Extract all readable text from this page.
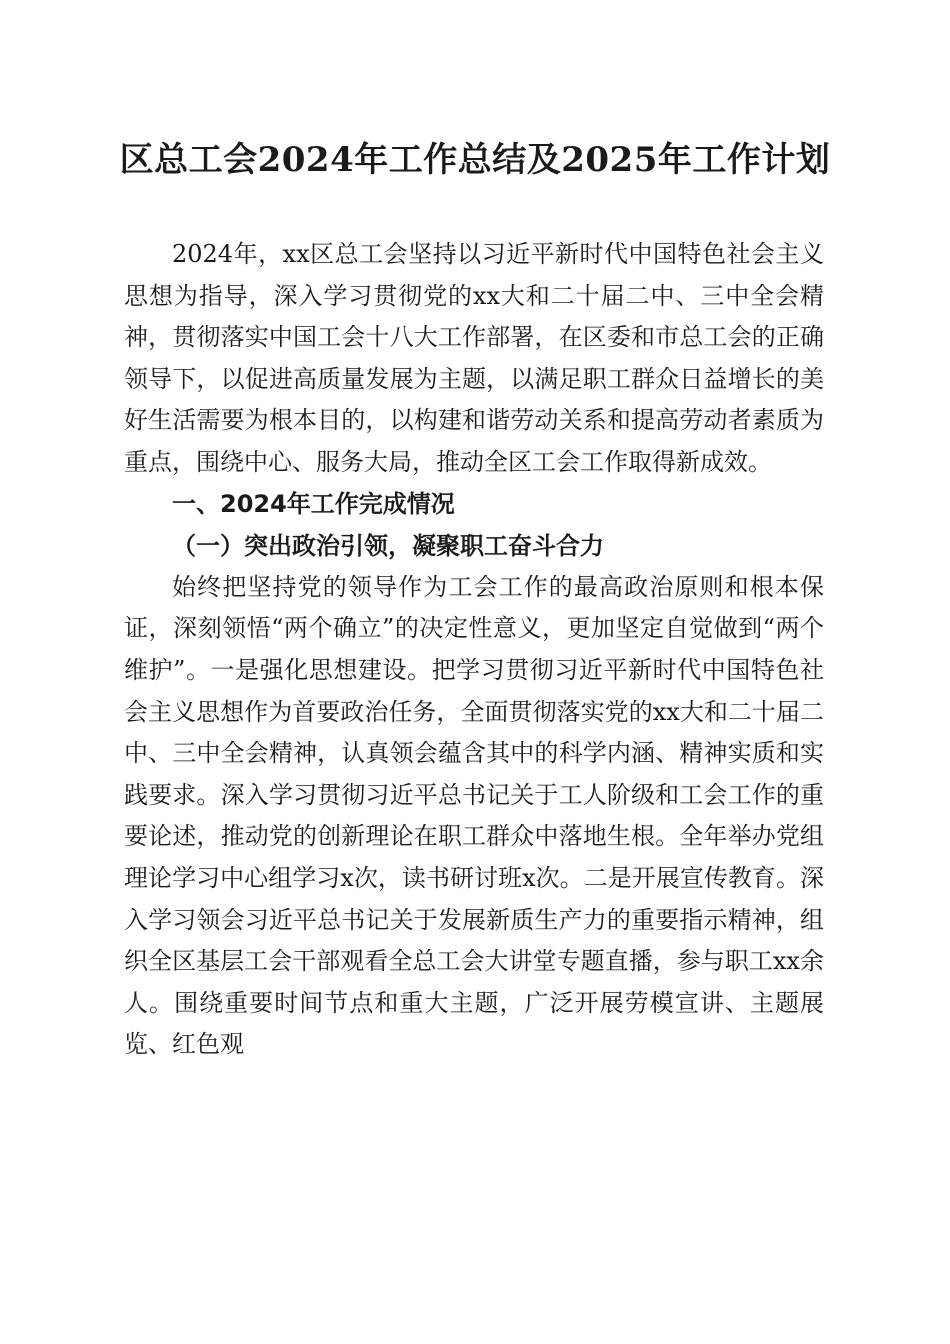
区总工会2024年工作总结及2025年工作计划

2024年，xx区总工会坚持以习近平新时代中国特色社会主义思想为指导，深入学习贯彻党的xx大和二十届二中、三中全会精神，贯彻落实中国工会十八大工作部署，在区委和市总工会的正确领导下，以促进高质量发展为主题，以满足职工群众日益增长的美好生活需要为根本目的，以构建和谐劳动关系和提高劳动者素质为重点，围绕中心、服务大局，推动全区工会工作取得新成效。

一、2024年工作完成情况
（一）突出政治引领，凝聚职工奋斗合力

始终把坚持党的领导作为工会工作的最高政治原则和根本保证，深刻领悟“两个确立”的决定性意义，更加坚定自觉做到“两个维护”。一是强化思想建设。把学习贯彻习近平新时代中国特色社会主义思想作为首要政治任务，全面贯彻落实党的xx大和二十届二中、三中全会精神，认真领会蕴含其中的科学内涵、精神实质和实践要求。深入学习贯彻习近平总书记关于工人阶级和工会工作的重要论述，推动党的创新理论在职工群众中落地生根。全年举办党组理论学习中心组学习x次，读书研讨班x次。二是开展宣传教育。深入学习领会习近平总书记关于发展新质生产力的重要指示精神，组织全区基层工会干部观看全总工会大讲堂专题直播，参与职工xx余人。围绕重要时间节点和重大主题，广泛开展劳模宣讲、主题展览、红色观
